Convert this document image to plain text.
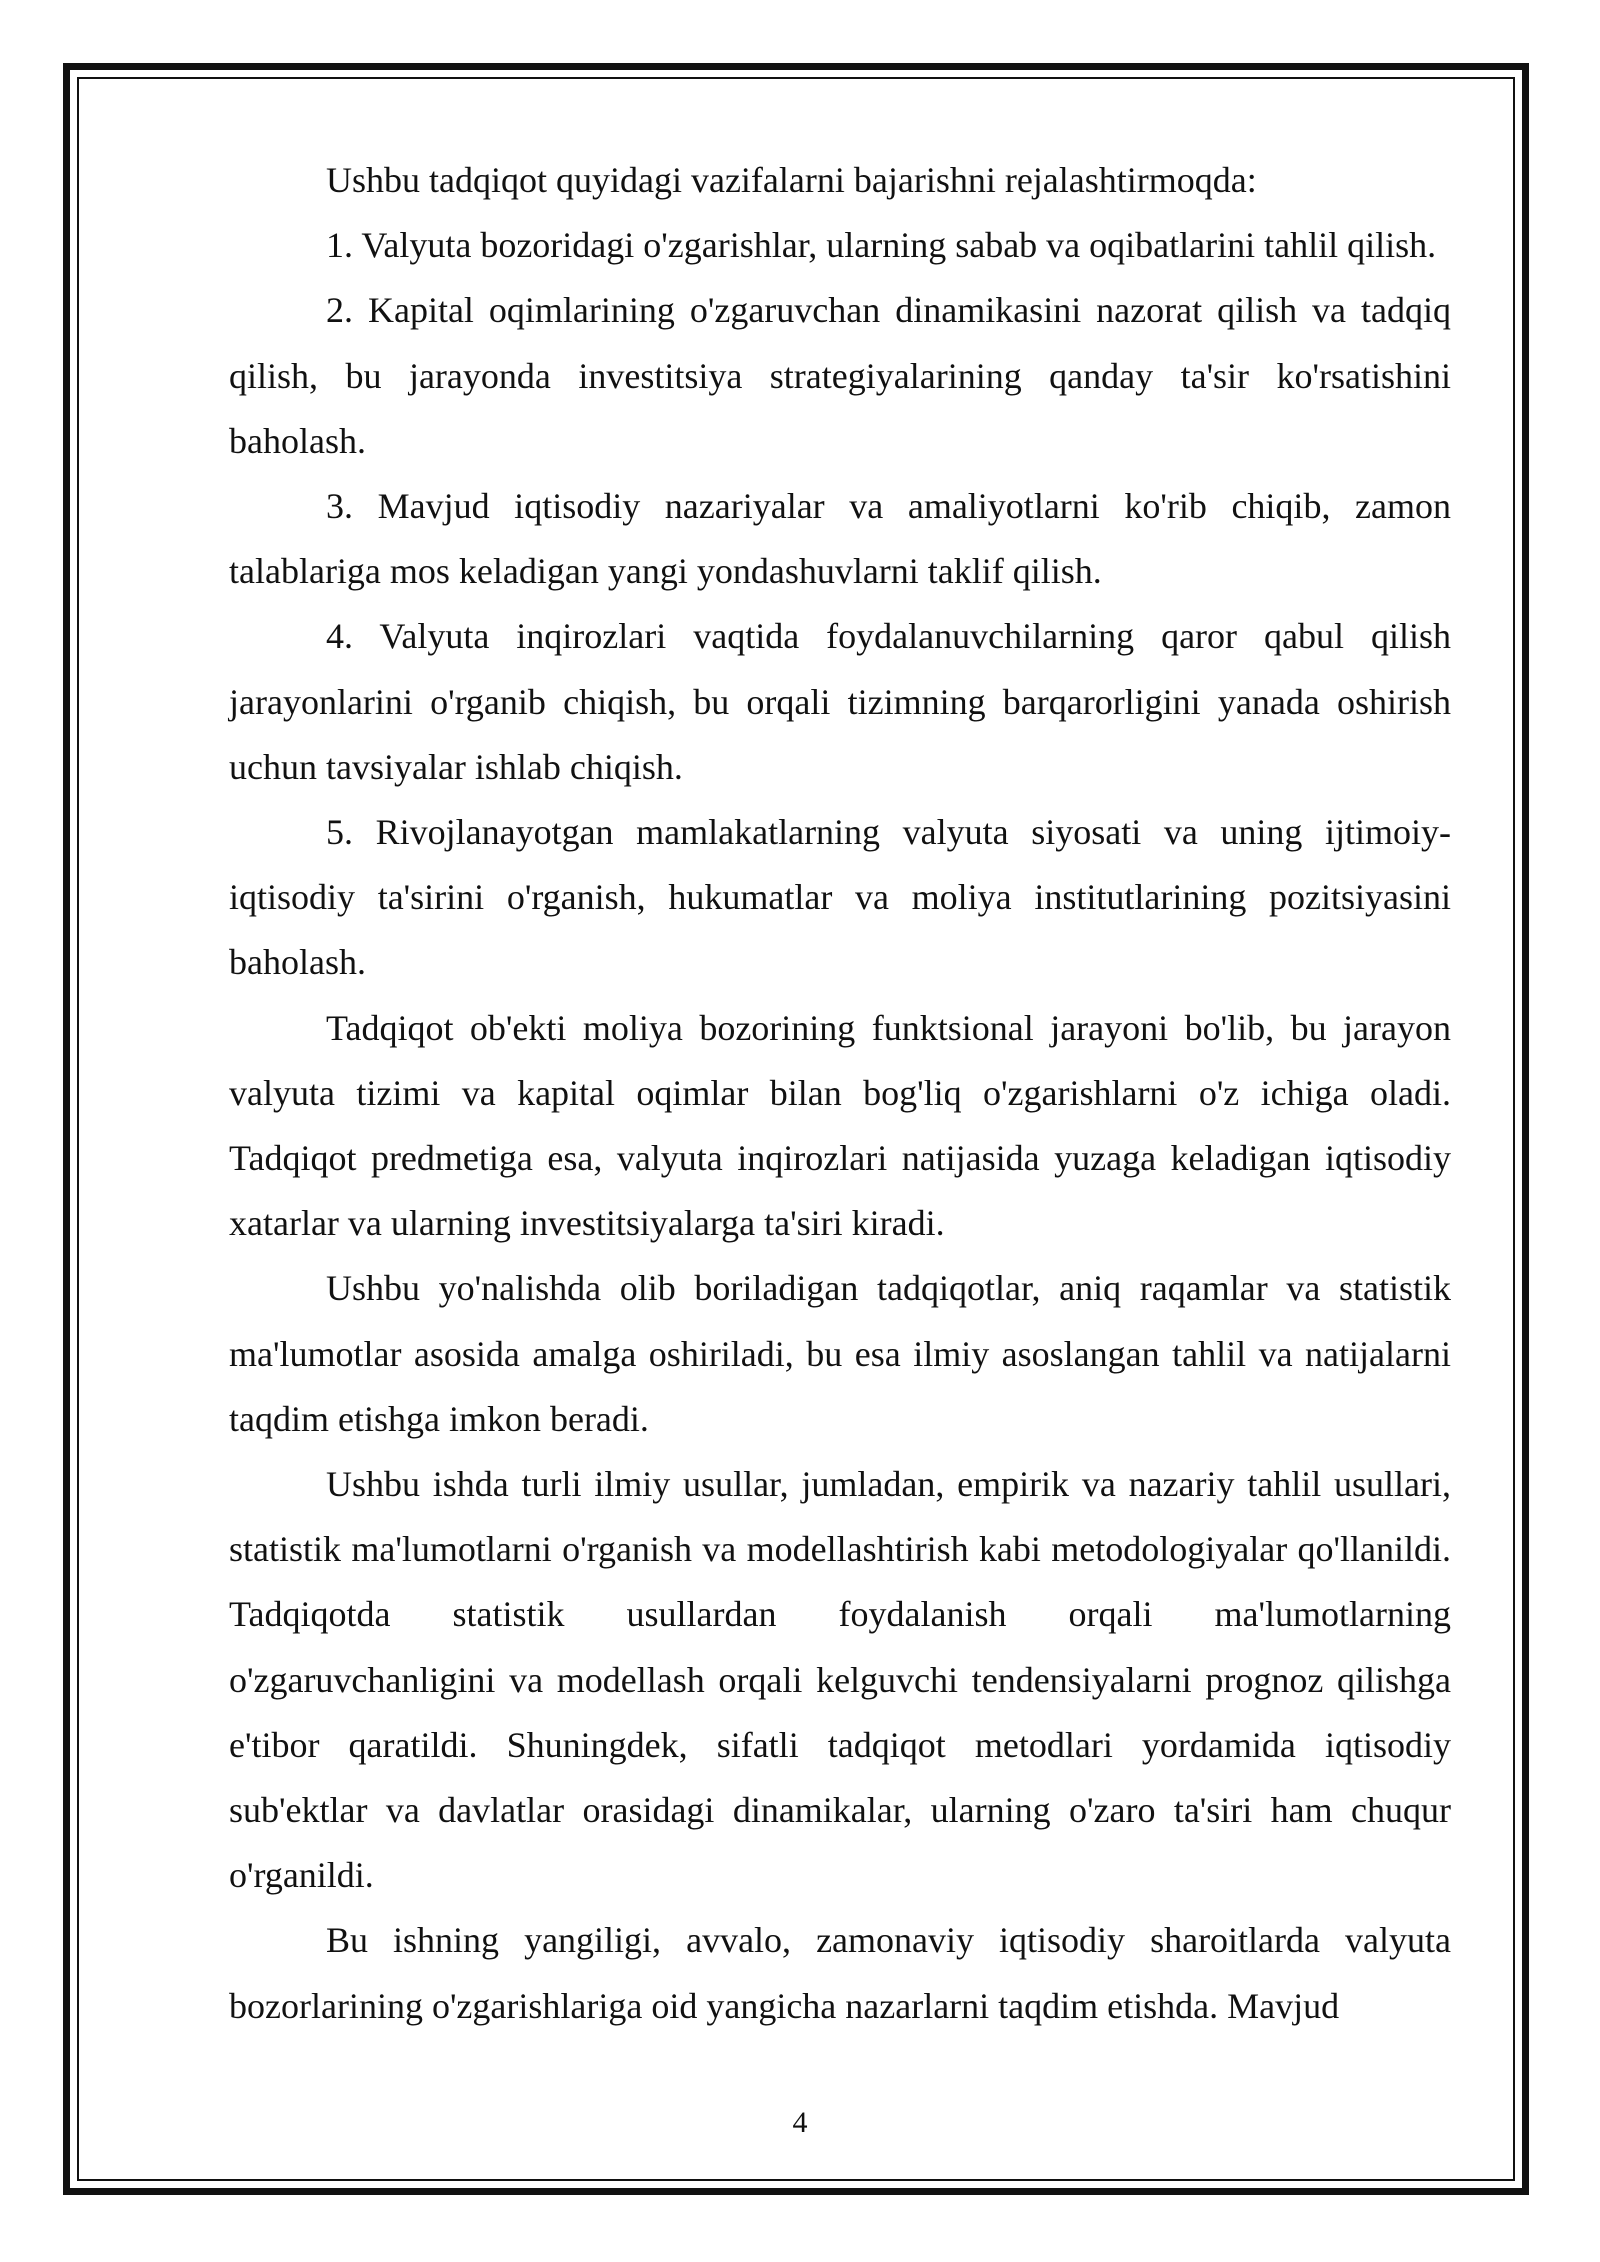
Ushbu tadqiqot quyidagi vazifalarni bajarishni rejalashtirmoqda:

1. Valyuta bozoridagi o'zgarishlar, ularning sabab va oqibatlarini tahlil qilish.

2. Kapital oqimlarining o'zgaruvchan dinamikasini nazorat qilish va tadqiq qilish, bu jarayonda investitsiya strategiyalarining qanday ta'sir ko'rsatishini baholash.

3. Mavjud iqtisodiy nazariyalar va amaliyotlarni ko'rib chiqib, zamon talablariga mos keladigan yangi yondashuvlarni taklif qilish.

4. Valyuta inqirozlari vaqtida foydalanuvchilarning qaror qabul qilish jarayonlarini o'rganib chiqish, bu orqali tizimning barqarorligini yanada oshirish uchun tavsiyalar ishlab chiqish.

5. Rivojlanayotgan mamlakatlarning valyuta siyosati va uning ijtimoiy-iqtisodiy ta'sirini o'rganish, hukumatlar va moliya institutlarining pozitsiyasini baholash.

Tadqiqot ob'ekti moliya bozorining funktsional jarayoni bo'lib, bu jarayon valyuta tizimi va kapital oqimlar bilan bog'liq o'zgarishlarni o'z ichiga oladi. Tadqiqot predmetiga esa, valyuta inqirozlari natijasida yuzaga keladigan iqtisodiy xatarlar va ularning investitsiyalarga ta'siri kiradi.

Ushbu yo'nalishda olib boriladigan tadqiqotlar, aniq raqamlar va statistik ma'lumotlar asosida amalga oshiriladi, bu esa ilmiy asoslangan tahlil va natijalarni taqdim etishga imkon beradi.

Ushbu ishda turli ilmiy usullar, jumladan, empirik va nazariy tahlil usullari, statistik ma'lumotlarni o'rganish va modellashtirish kabi metodologiyalar qo'llanildi. Tadqiqotda statistik usullardan foydalanish orqali ma'lumotlarning o'zgaruvchanligini va modellash orqali kelguvchi tendensiyalarni prognoz qilishga e'tibor qaratildi. Shuningdek, sifatli tadqiqot metodlari yordamida iqtisodiy sub'ektlar va davlatlar orasidagi dinamikalar, ularning o'zaro ta'siri ham chuqur o'rganildi.

Bu ishning yangiligi, avvalo, zamonaviy iqtisodiy sharoitlarda valyuta bozorlarining o'zgarishlariga oid yangicha nazarlarni taqdim etishda. Mavjud

4
